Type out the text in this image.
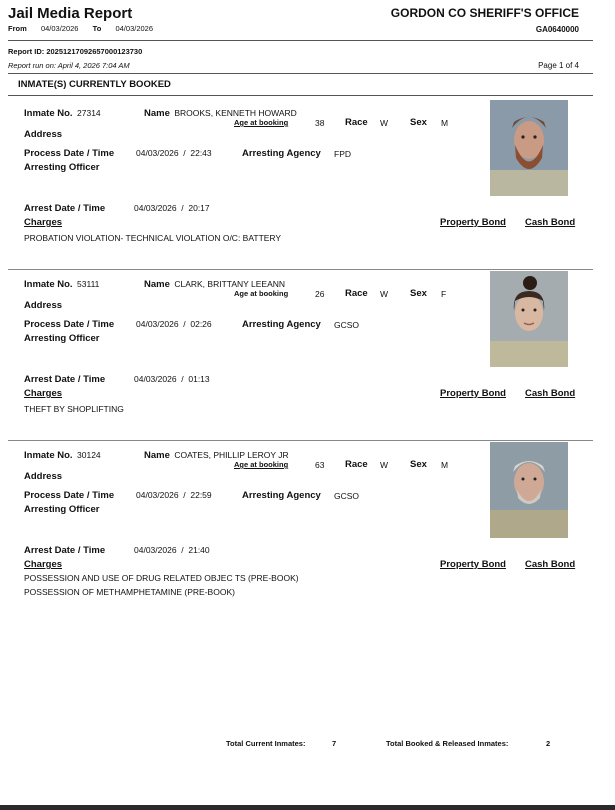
Jail Media Report	GORDON CO SHERIFF'S OFFICE
GA0640000
From 04/03/2026 To 04/03/2026
Report ID: 20251217092657000123730
Report run on: April 4, 2026 7:04 AM	Page 1 of 4
INMATE(S) CURRENTLY BOOKED
Inmate No. 27314	Name BROOKS, KENNETH HOWARD
Age at booking	38 Race W Sex M
Address
Process Date / Time	04/03/2026  /  22:43	Arresting Agency FPD
Arresting Officer
Arrest Date / Time	04/03/2026  /  20:17
Charges	Property Bond Cash Bond
PROBATION VIOLATION- TECHNICAL VIOLATION O/C: BATTERY
Inmate No. 53111	Name CLARK, BRITTANY LEEANN
Age at booking	26 Race W Sex F
Address
Process Date / Time	04/03/2026  /  02:26	Arresting Agency GCSO
Arresting Officer
Arrest Date / Time	04/03/2026  /  01:13
Charges	Property Bond Cash Bond
THEFT BY SHOPLIFTING
Inmate No. 30124	Name COATES, PHILLIP LEROY JR
Age at booking	63 Race W Sex M
Address
Process Date / Time	04/03/2026  /  22:59	Arresting Agency GCSO
Arresting Officer
Arrest Date / Time	04/03/2026  /  21:40
Charges	Property Bond Cash Bond
POSSESSION AND USE OF DRUG RELATED OBJEC TS (PRE-BOOK)
POSSESSION OF METHAMPHETAMINE (PRE-BOOK)
Total Current Inmates:	7	Total Booked & Released Inmates:	2
